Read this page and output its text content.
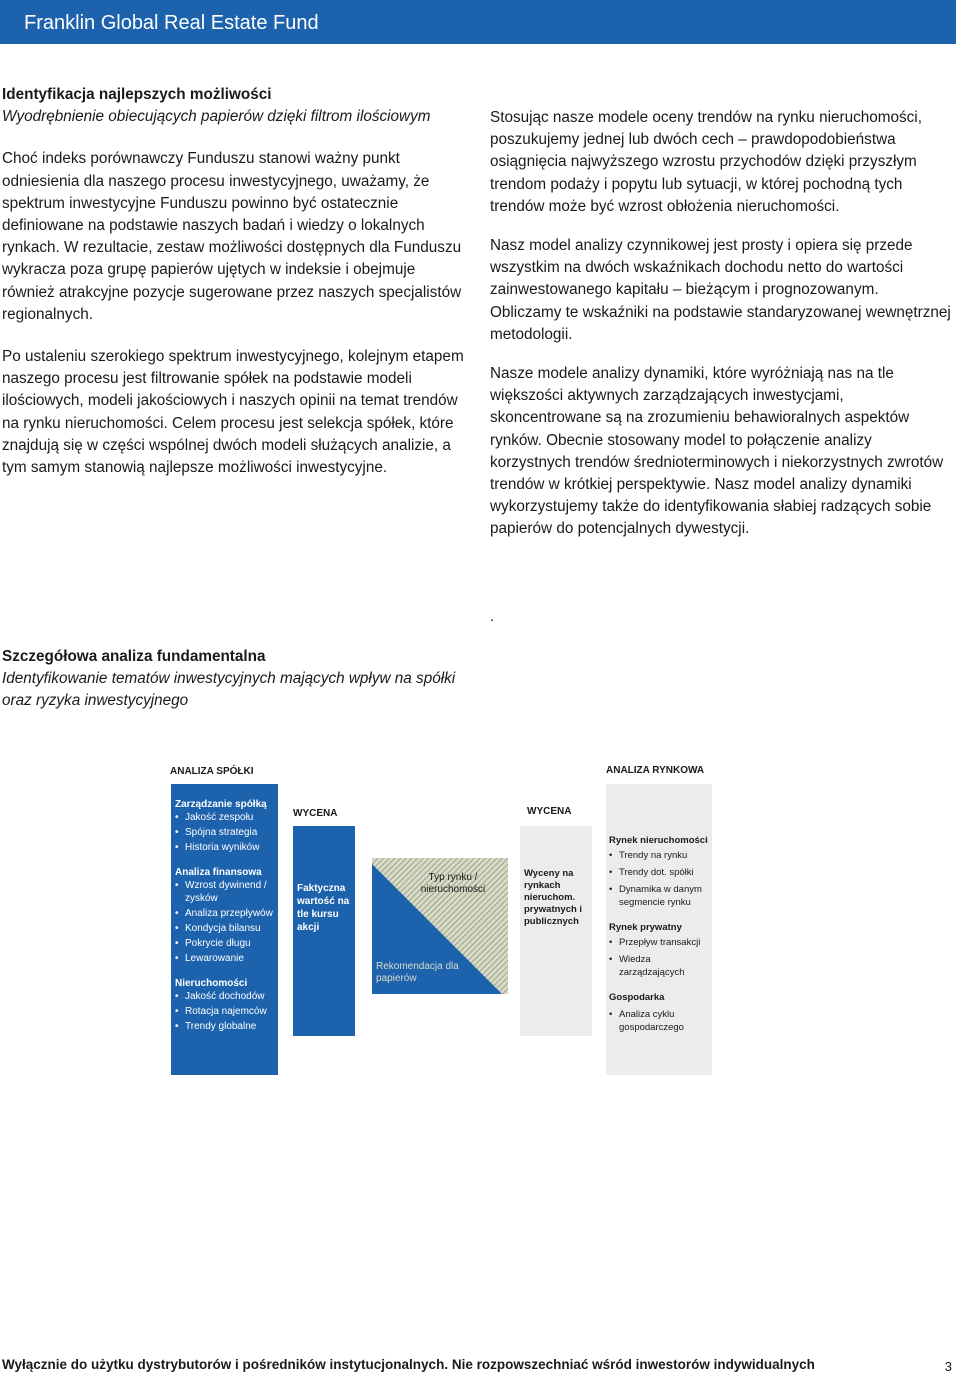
Franklin Global Real Estate Fund
Identyfikacja najlepszych możliwości
Wyodrębnienie obiecujących papierów dzięki filtrom ilościowym

Choć indeks porównawczy Funduszu stanowi ważny punkt odniesienia dla naszego procesu inwestycyjnego, uważamy, że spektrum inwestycyjne Funduszu powinno być ostatecznie definiowane na podstawie naszych badań i wiedzy o lokalnych rynkach. W rezultacie, zestaw możliwości dostępnych dla Funduszu wykracza poza grupę papierów ujętych w indeksie i obejmuje również atrakcyjne pozycje sugerowane przez naszych specjalistów regionalnych.

Po ustaleniu szerokiego spektrum inwestycyjnego, kolejnym etapem naszego procesu jest filtrowanie spółek na podstawie modeli ilościowych, modeli jakościowych i naszych opinii na temat trendów na rynku nieruchomości. Celem procesu jest selekcja spółek, które znajdują się w części wspólnej dwóch modeli służących analizie, a tym samym stanowią najlepsze możliwości inwestycyjne.

Stosując nasze modele oceny trendów na rynku nieruchomości, poszukujemy jednej lub dwóch cech – prawdopodobieństwa osiągnięcia najwyższego wzrostu przychodów dzięki przyszłym trendom podaży i popytu lub sytuacji, w której pochodną tych trendów może być wzrost obłożenia nieruchomości.

Nasz model analizy czynnikowej jest prosty i opiera się przede wszystkim na dwóch wskaźnikach dochodu netto do wartości zainwestowanego kapitału – bieżącym i prognozowanym. Obliczamy te wskaźniki na podstawie standaryzowanej wewnętrznej metodologii.

Nasze modele analizy dynamiki, które wyróżniają nas na tle większości aktywnych zarządzających inwestycjami, skoncentrowane są na zrozumieniu behawioralnych aspektów rynków. Obecnie stosowany model to połączenie analizy korzystnych trendów średnioterminowych i niekorzystnych zwrotów trendów w krótkiej perspektywie. Nasz model analizy dynamiki wykorzystujemy także do identyfikowania słabiej radzących sobie papierów do potencjalnych dywestycji.

.
Szczegółowa analiza fundamentalna
Identyfikowanie tematów inwestycyjnych mających wpływ na spółki oraz ryzyka inwestycyjnego
ANALIZA SPÓŁKI	ANALIZA RYNKOWA
Zarządzanie spółką
• Jakość zespołu
• Spójna strategia
• Historia wyników
Analiza finansowa
• Wzrost dywinend / zysków
• Analiza przepływów
• Kondycja bilansu
• Pokrycie długu
• Lewarowanie
Nieruchomości
• Jakość dochodów
• Rotacja najemców
• Trendy globalne
WYCENA
Faktyczna wartość na tle kursu akcji
Typ rynku / nieruchomości
Rekomendacja dla papierów
WYCENA
Wyceny na rynkach nieruchom. prywatnych i publicznych
Rynek nieruchomości
• Trendy na rynku
• Trendy dot. spółki
• Dynamika w danym segmencie rynku
Rynek prywatny
• Przepływ transakcji
• Wiedza zarządzających
Gospodarka
• Analiza cyklu gospodarczego
Wyłącznie do użytku dystrybutorów i pośredników instytucjonalnych. Nie rozpowszechniać wśród inwestorów indywidualnych	3
